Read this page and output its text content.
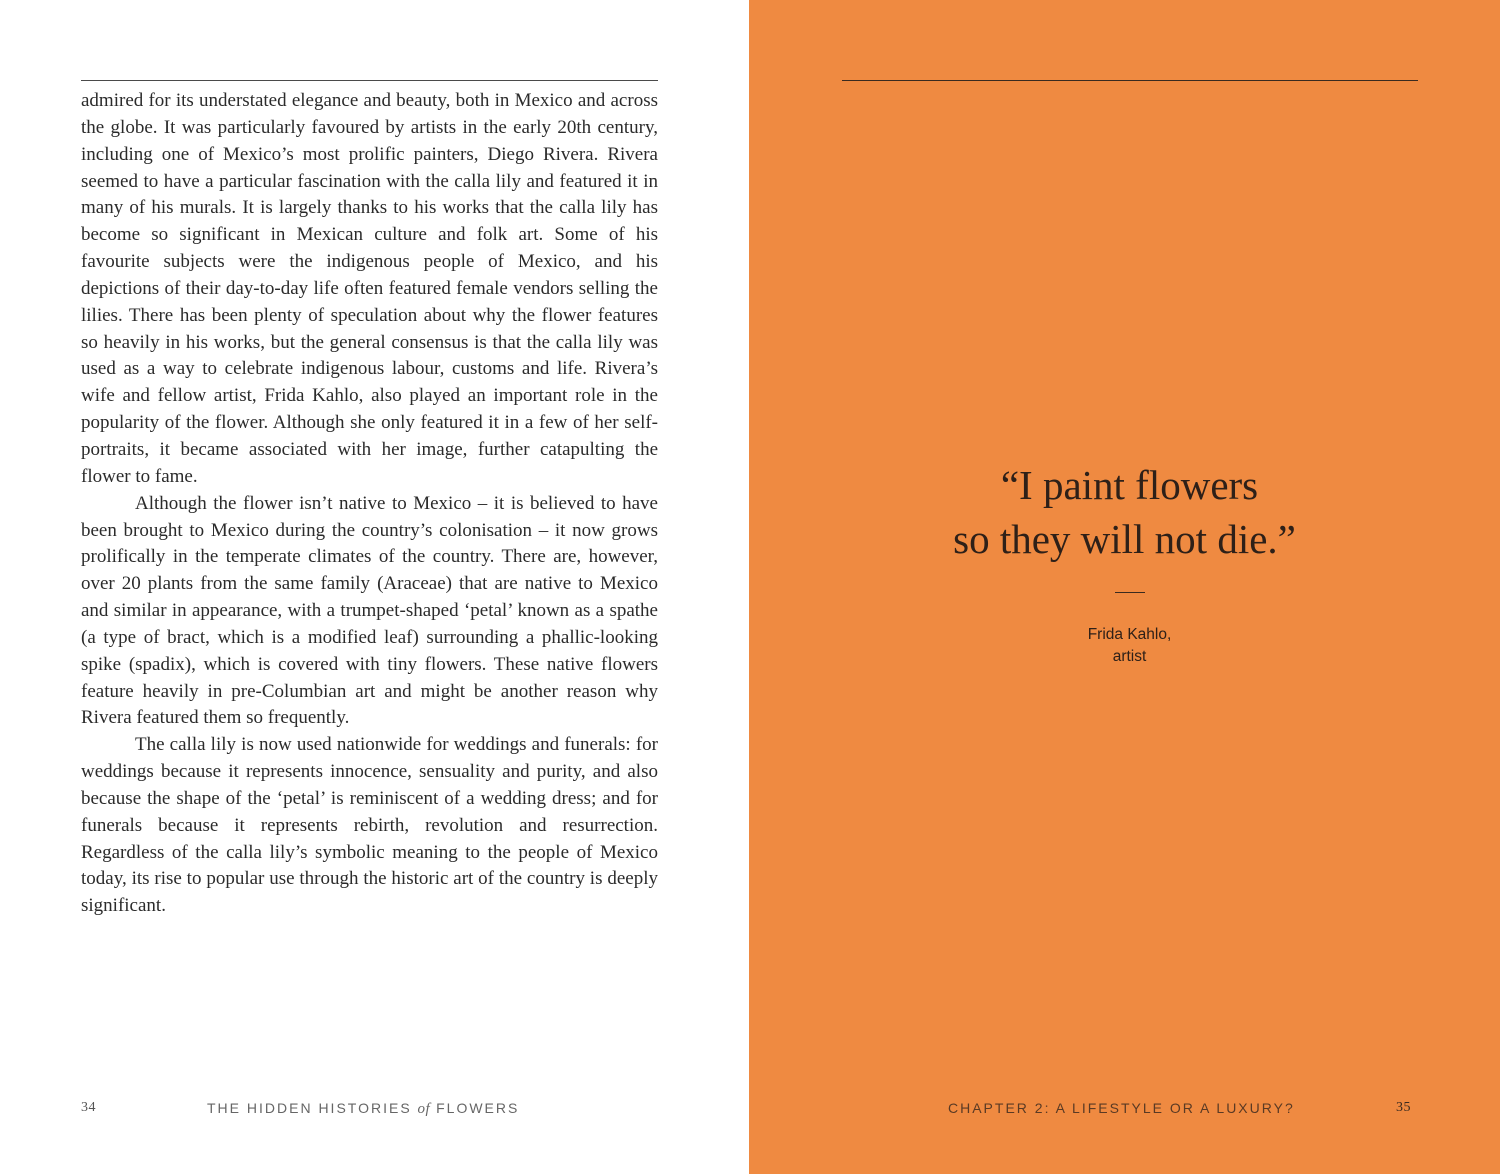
admired for its understated elegance and beauty, both in Mexico and across the globe. It was particularly favoured by artists in the early 20th century, including one of Mexico’s most prolific painters, Diego Rivera. Rivera seemed to have a particular fascination with the calla lily and featured it in many of his murals. It is largely thanks to his works that the calla lily has become so significant in Mexican culture and folk art. Some of his favourite subjects were the indigenous people of Mexico, and his depictions of their day-to-day life often featured female vendors selling the lilies. There has been plenty of speculation about why the flower features so heavily in his works, but the general consensus is that the calla lily was used as a way to celebrate indigenous labour, customs and life. Rivera’s wife and fellow artist, Frida Kahlo, also played an important role in the popularity of the flower. Although she only featured it in a few of her self-portraits, it became associated with her image, further catapulting the flower to fame.

Although the flower isn’t native to Mexico – it is believed to have been brought to Mexico during the country’s colonisation – it now grows prolifically in the temperate climates of the country. There are, however, over 20 plants from the same family (Araceae) that are native to Mexico and similar in appearance, with a trumpet-shaped ‘petal’ known as a spathe (a type of bract, which is a modified leaf) surrounding a phallic-looking spike (spadix), which is covered with tiny flowers. These native flowers feature heavily in pre-Columbian art and might be another reason why Rivera featured them so frequently.

The calla lily is now used nationwide for weddings and funerals: for weddings because it represents innocence, sensuality and purity, and also because the shape of the ‘petal’ is reminiscent of a wedding dress; and for funerals because it represents rebirth, revolution and resurrection. Regardless of the calla lily’s symbolic meaning to the people of Mexico today, its rise to popular use through the historic art of the country is deeply significant.

34	THE HIDDEN HISTORIES of FLOWERS
“I paint flowers
so they will not die.”
Frida Kahlo,
artist
CHAPTER 2: A LIFESTYLE OR A LUXURY?	35
